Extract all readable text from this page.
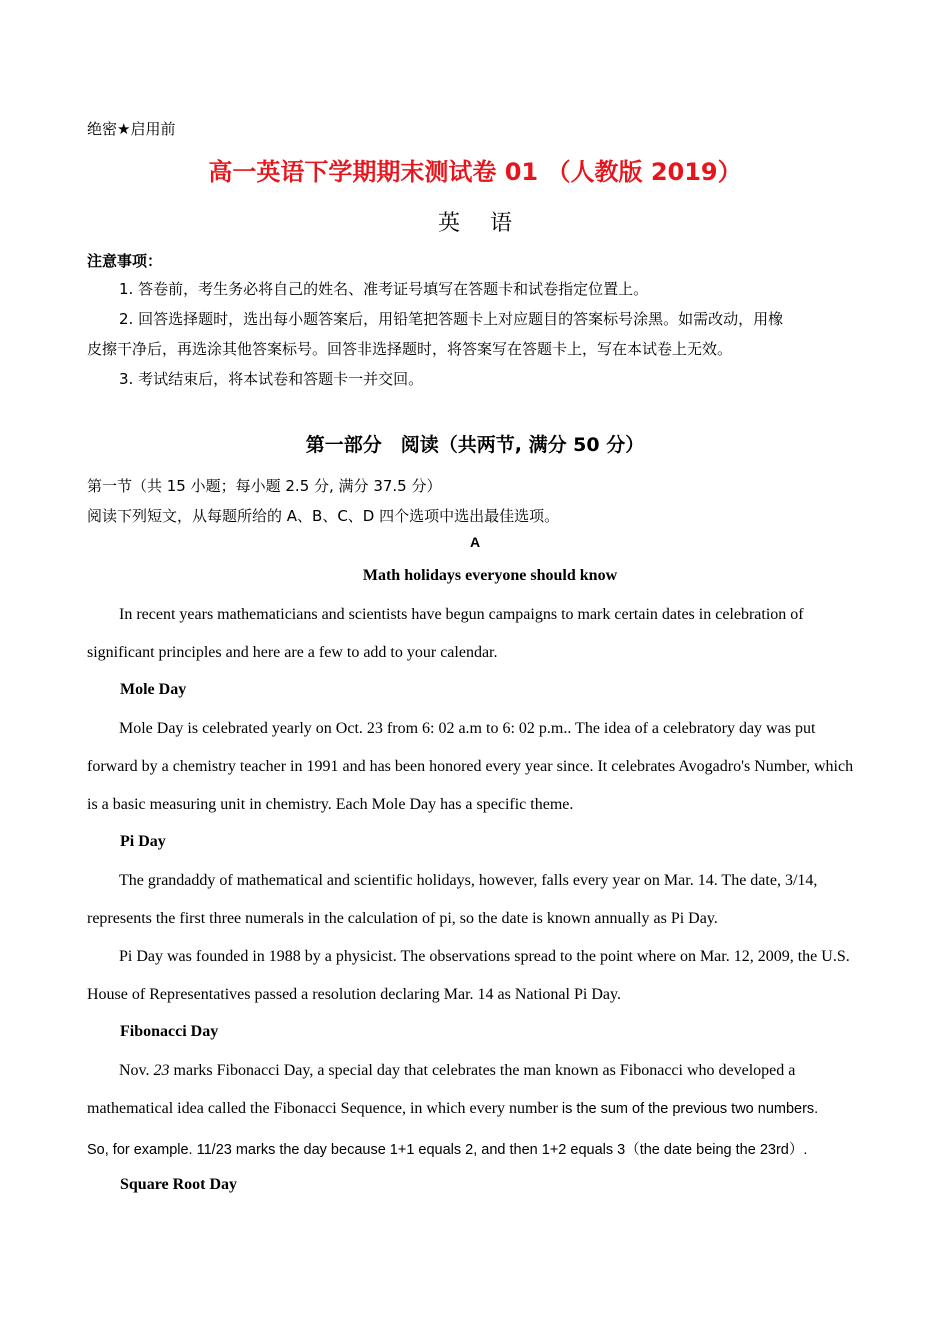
绝密★启用前
高一英语下学期期末测试卷 01 （人教版 2019）
英语
注意事项：
1. 答卷前，考生务必将自己的姓名、准考证号填写在答题卡和试卷指定位置上。
2. 回答选择题时，选出每小题答案后，用铅笔把答题卡上对应题目的答案标号涂黑。如需改动，用橡
皮擦干净后，再选涂其他答案标号。回答非选择题时，将答案写在答题卡上，写在本试卷上无效。
3. 考试结束后，将本试卷和答题卡一并交回。
第一部分　阅读（共两节, 满分 50 分）
第一节（共 15 小题；每小题 2.5 分, 满分 37.5 分）
阅读下列短文，从每题所给的 A、B、C、D 四个选项中选出最佳选项。
A
Math holidays everyone should know
In recent years mathematicians and scientists have begun campaigns to mark certain dates in celebration of significant principles and here are a few to add to your calendar.
Mole Day
Mole Day is celebrated yearly on Oct. 23 from 6: 02 a.m to 6: 02 p.m.. The idea of a celebratory day was put forward by a chemistry teacher in 1991 and has been honored every year since. It celebrates Avogadro's Number, which is a basic measuring unit in chemistry. Each Mole Day has a specific theme.
Pi Day
The grandaddy of mathematical and scientific holidays, however, falls every year on Mar. 14. The date, 3/14, represents the first three numerals in the calculation of pi, so the date is known annually as Pi Day.
Pi Day was founded in 1988 by a physicist. The observations spread to the point where on Mar. 12, 2009, the U.S. House of Representatives passed a resolution declaring Mar. 14 as National Pi Day.
Fibonacci Day
Nov. 23 marks Fibonacci Day, a special day that celebrates the man known as Fibonacci who developed a
mathematical idea called the Fibonacci Sequence, in which every number is the sum of the previous two numbers.
So, for example. 11/23 marks the day because 1+1 equals 2, and then 1+2 equals 3（the date being the 23rd）.
Square Root Day
